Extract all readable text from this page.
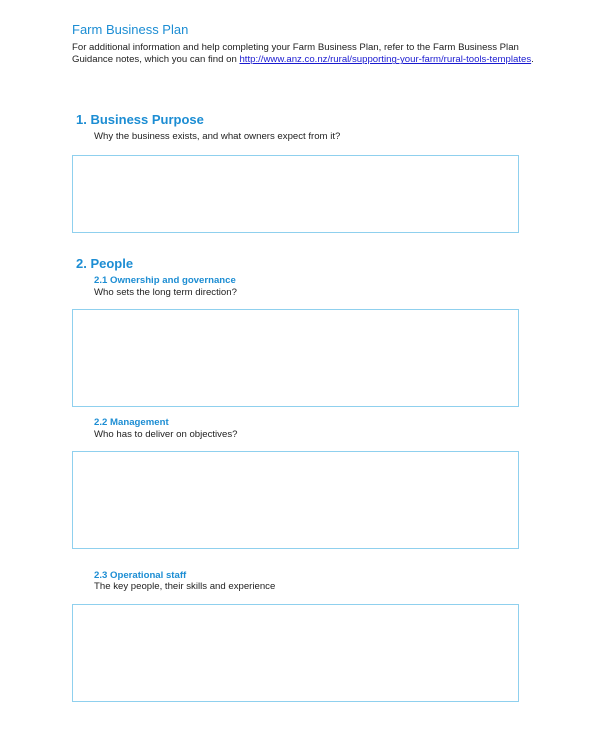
Farm Business Plan
For additional information and help completing your Farm Business Plan, refer to the Farm Business Plan Guidance notes, which you can find on http://www.anz.co.nz/rural/supporting-your-farm/rural-tools-templates.
1. Business Purpose
Why the business exists, and what owners expect from it?
2. People
2.1 Ownership and governance
Who sets the long term direction?
2.2 Management
Who has to deliver on objectives?
2.3 Operational staff
The key people, their skills and experience
